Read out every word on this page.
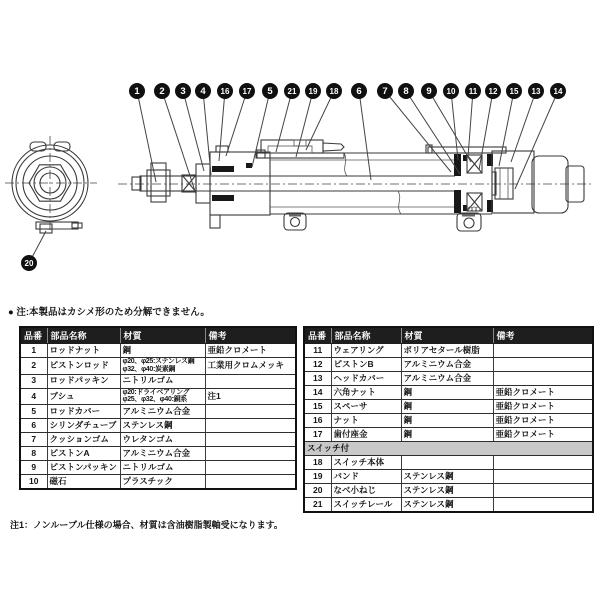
1 2 3 4 16 17 5 21 19 18 6 7 8 9 10 11 12 15 13 14
20
● 注:本製品はカシメ形のため分解できません。
品番	部品名称	材質	備考
1	ロッドナット	鋼	亜鉛クロメート
2	ピストンロッド	φ20、φ25:ステンレス鋼
φ32、φ40:炭素鋼	工業用クロムメッキ
3	ロッドパッキン	ニトリルゴム	
4	ブシュ	φ20:ドライベアリング
φ25、φ32、φ40:銅系	注1
5	ロッドカバー	アルミニウム合金	
6	シリンダチューブ	ステンレス鋼	
7	クッションゴム	ウレタンゴム	
8	ピストンA	アルミニウム合金	
9	ピストンパッキン	ニトリルゴム	
10	磁石	プラスチック	
品番	部品名称	材質	備考
11	ウェアリング	ポリアセタール樹脂	
12	ピストンB	アルミニウム合金	
13	ヘッドカバー	アルミニウム合金	
14	六角ナット	鋼	亜鉛クロメート
15	スペーサ	鋼	亜鉛クロメート
16	ナット	鋼	亜鉛クロメート
17	歯付座金	鋼	亜鉛クロメート
スイッチ付			
18	スイッチ本体		
19	バンド	ステンレス鋼	
20	なべ小ねじ	ステンレス鋼	
21	スイッチレール	ステンレス鋼	
注1：ノンルーブル仕様の場合、材質は含油樹脂製軸受になります。
